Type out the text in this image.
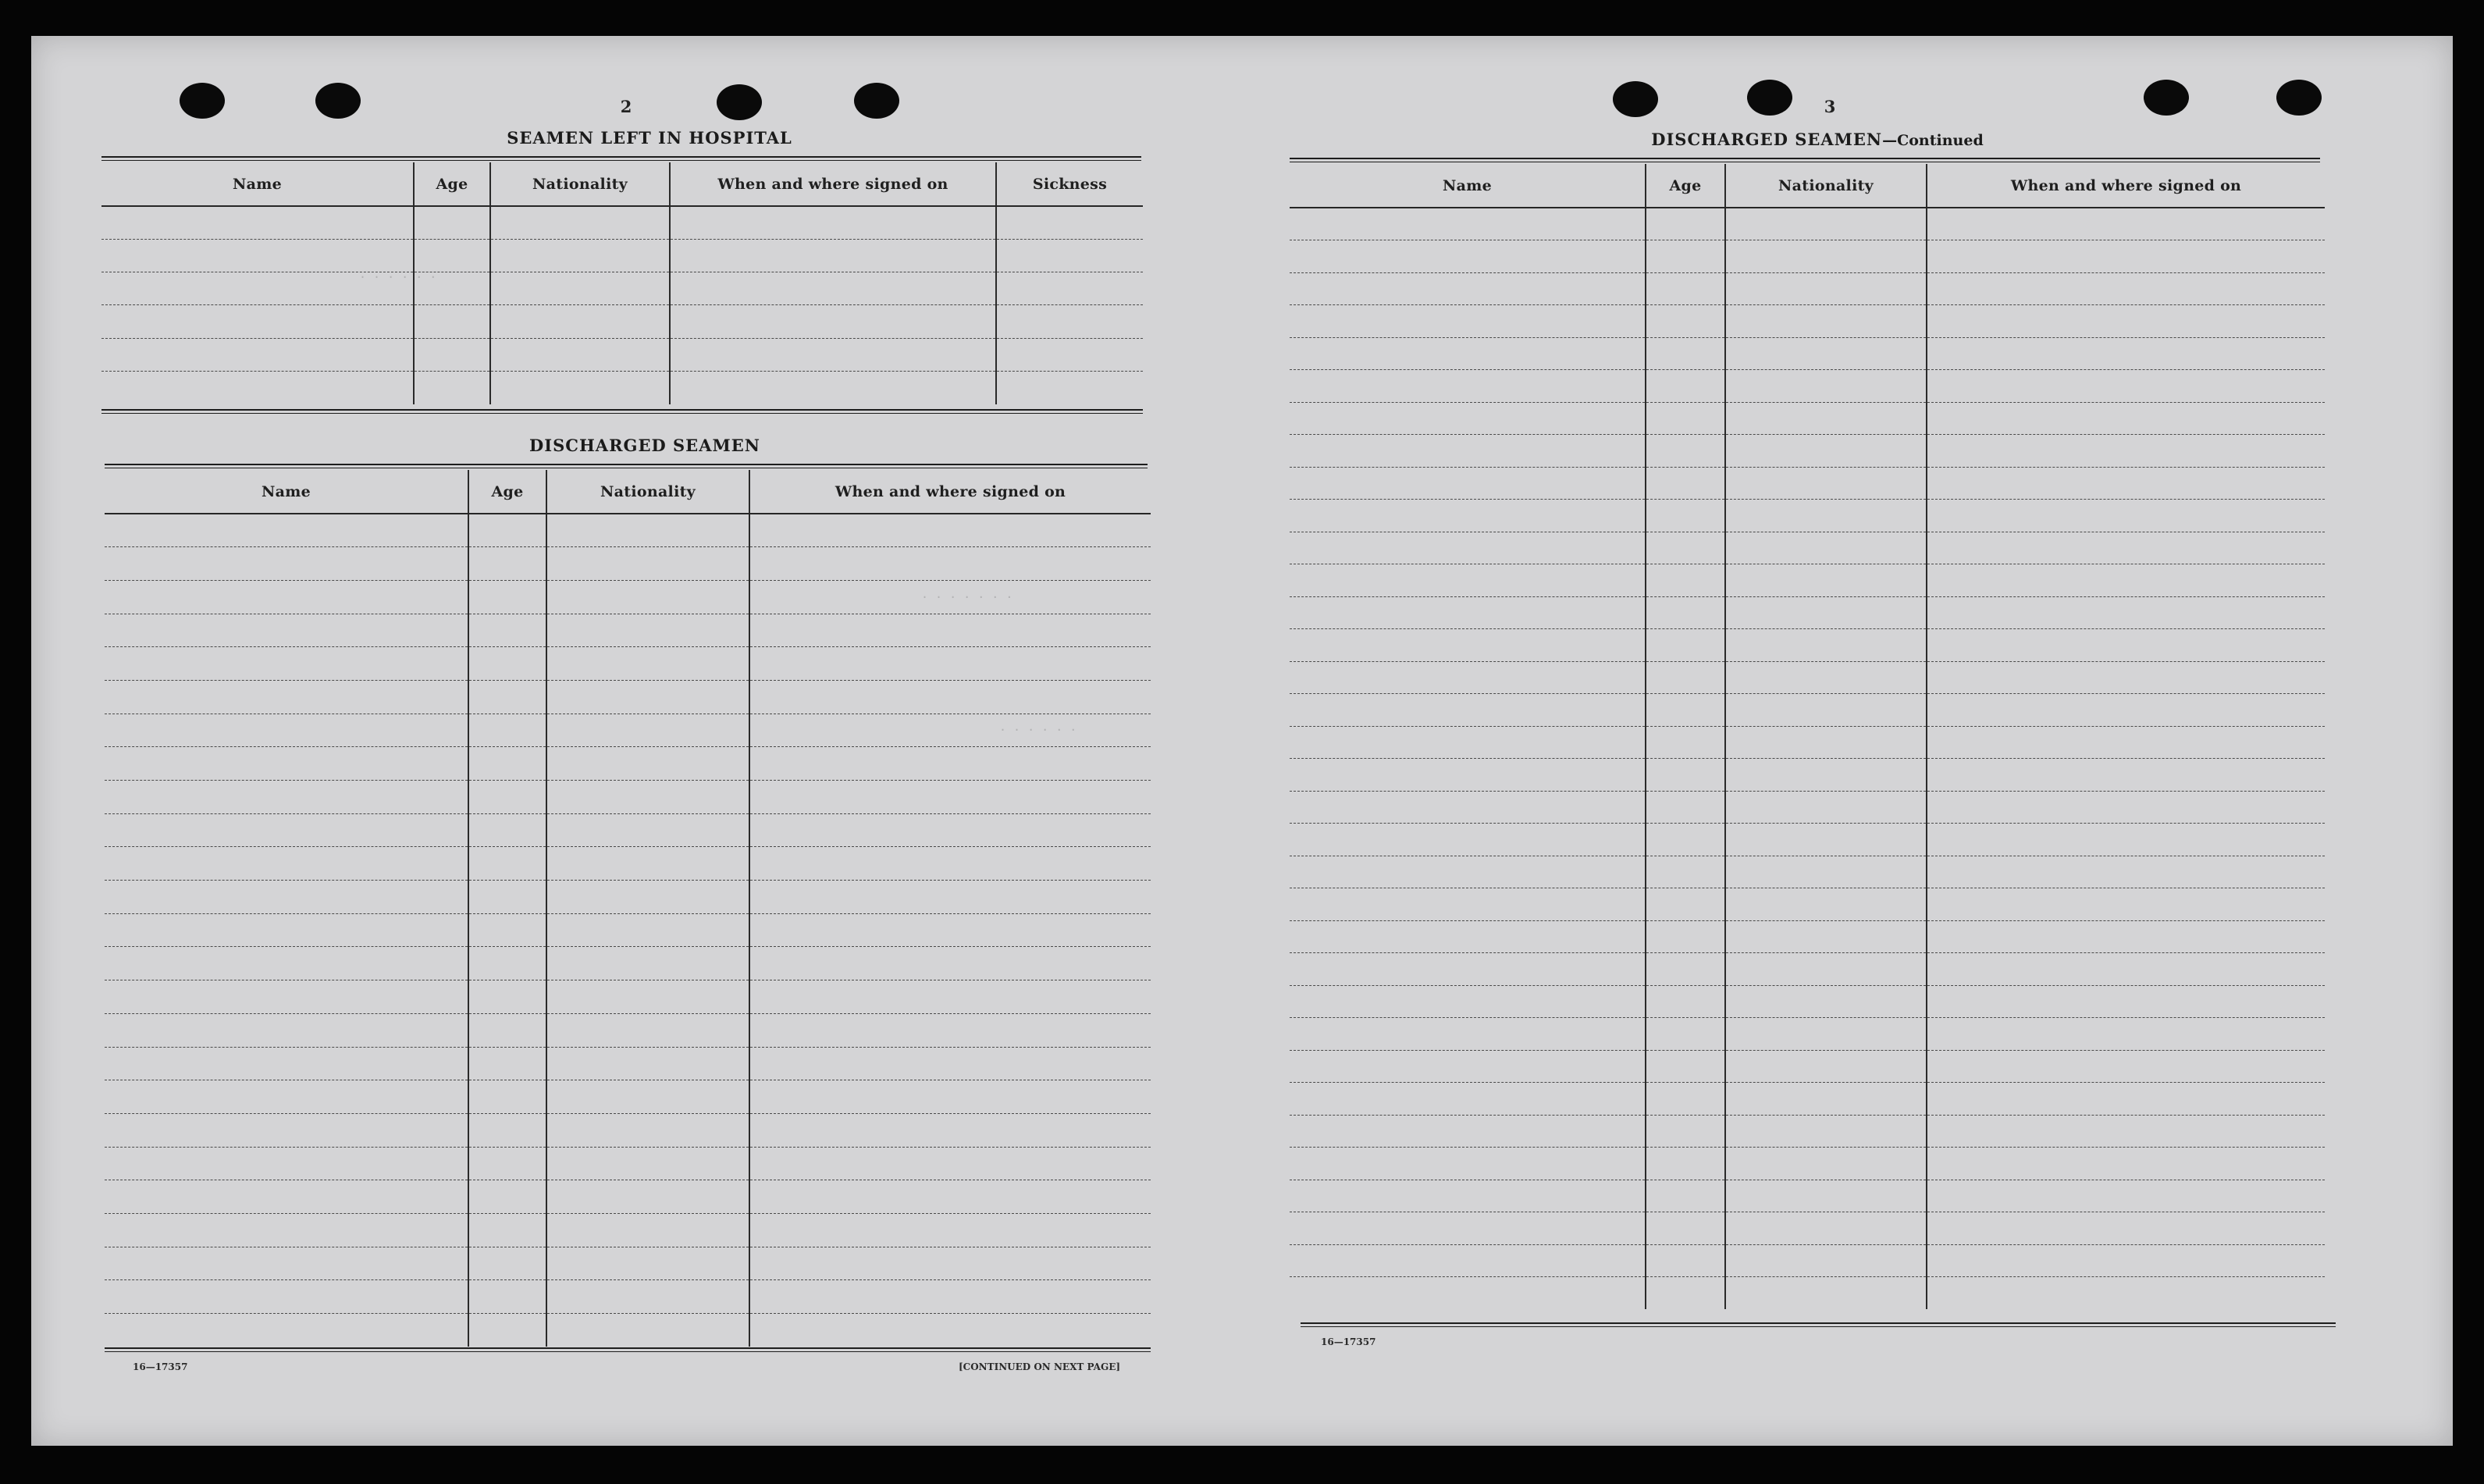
2
SEAMEN LEFT IN HOSPITAL
Name	Age	Nationality	When and where signed on	Sickness

DISCHARGED SEAMEN
Name	Age	Nationality	When and where signed on

16—17357	[CONTINUED ON NEXT PAGE]
3
DISCHARGED SEAMEN—Continued
Name	Age	Nationality	When and where signed on

16—17357
· · · · · ·
· · · · · · ·
· · · · · ·
